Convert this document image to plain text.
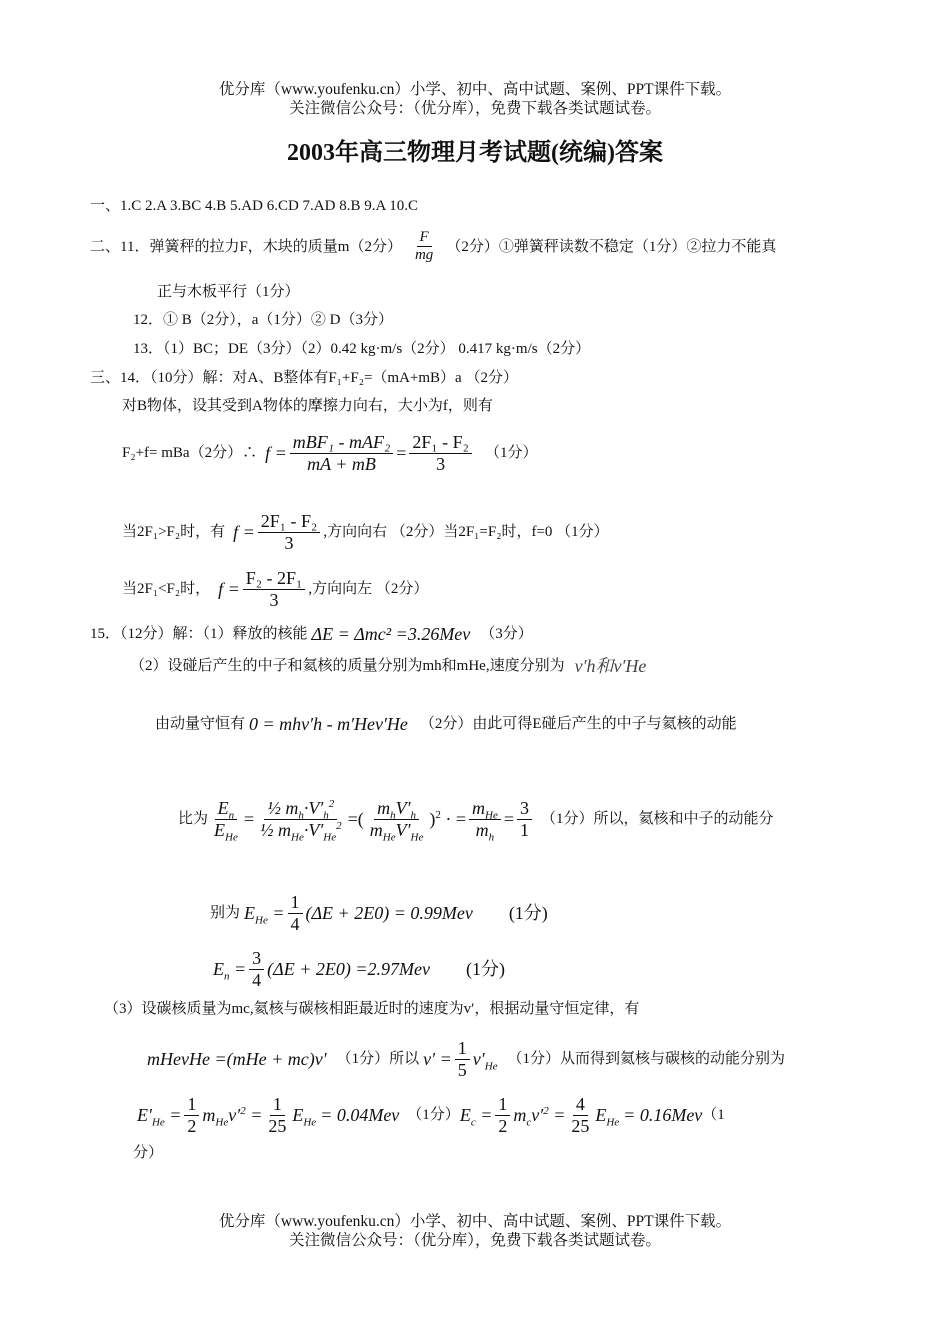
优分库（www.youfenku.cn）小学、初中、高中试题、案例、PPT课件下载。
关注微信公众号：（优分库），免费下载各类试题试卷。
2003年高三物理月考试题(统编)答案
一、1.C 2.A 3.BC 4.B 5.AD 6.CD 7.AD 8.B 9.A 10.C
二、11．弹簧秤的拉力F，木块的质量m（2分） $\frac{F}{mg} (2$分）①弹簧秤读数不稳定（1分）②拉力不能真
正与木板平行（1分）
12．① B（2分），a（1分）② D（3分）
13．（1）BC；DE（3分）（2）0.42 kg·m/s（2分） 0.417 kg·m/s（2分）
三、14．（10分）解：对A、B整体有F₁+F₂=（mA+mB）a （2分）
对B物体，设其受到A物体的摩擦力向右，大小为f，则有
F₂+f= mBa（2分）∴ $f = \frac{\text{mBF₁ - mAF₂}}{mA + mB} = \frac{\text{2F₁ - F₂}}{3} (1$分）
当2F₁>F₂时，有 $f = \frac{\text{2F₁ - F₂}}{3}$ ,方向向右 （2分）当2F₁=F₂时，f=0 （1分）
当2F₁<F₂时， $f = \frac{\text{F₂ - 2F₁}}{3}$ ,方向向左 （2分）
15．（12分）解：（1）释放的核能 ΔE = Δmc² =3.26Mev （3分）
（2）设碰后产生的中子和氦核的质量分别为mh和mHe,速度分别为 v′h和v′He
由动量守恒有 0 = mhv′h - m′Hev′He （2分）由此可得E碰后产生的中子与氦核的动能
比为 $\frac{E_n}{E_{He}} = \frac{\frac{1}{2} m_h\cdot V'_h^2}{\frac{1}{2} m_{He}\cdot V'_{He}^2}$ =( $\frac{m_hV'_h}{m_{He}V'_{He}} )^2$ · = $\frac{m_{He}}{m_h} = \frac{3}{1} (1$分）所以，氦核和中子的动能分
别为 $E_{He} = \frac{1}{4} (\Delta E + 2E0) = 0.99Mev$ (1分)
$E_n = \frac{3}{4} (\Delta E + 2E0) =2.97Mev$ (1分)
（3）设碳核质量为mc,氦核与碳核相距最近时的速度为v′，根据动量守恒定律，有
mHevHe =(mHe + mc)v′ （1分）所以 $v' = \frac{1}{5} v'_{He}$ （1分）从而得到氦核与碳核的动能分别为
$E'_{He} = \frac{1}{2} m_{He}v'^2 = \frac{1}{25} E_{He} = 0.04Mev$ （1分） $E_c = \frac{1}{2} m_cv'^2 = \frac{4}{25} E_{He} = 0.16Mev$ （1
分）
优分库（www.youfenku.cn）小学、初中、高中试题、案例、PPT课件下载。
关注微信公众号：（优分库），免费下载各类试题试卷。
